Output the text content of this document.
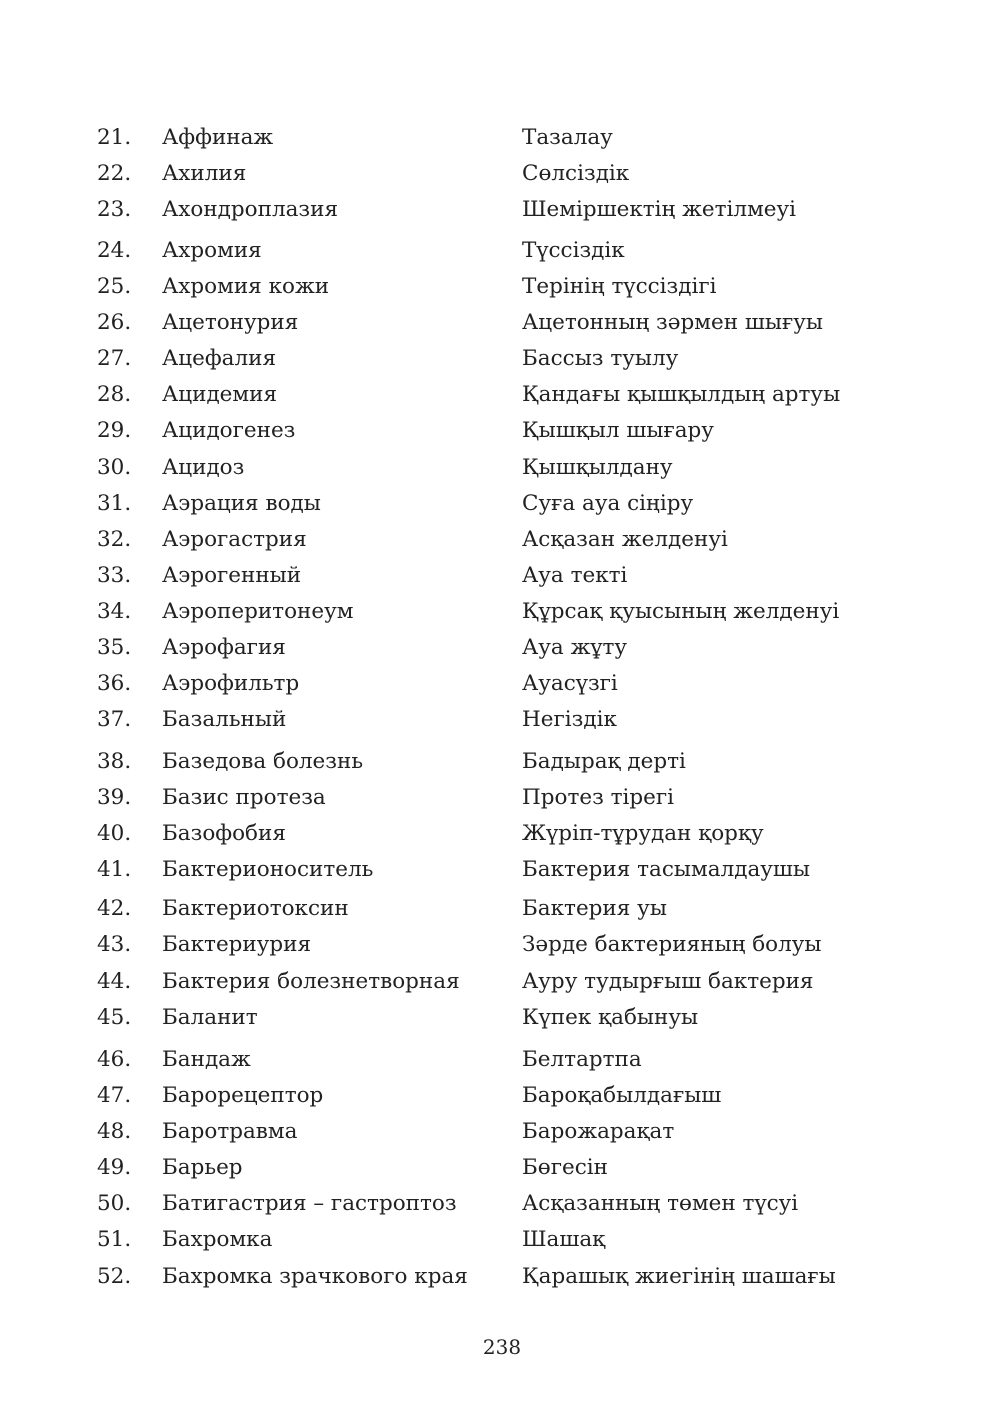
21. Аффинаж	Тазалау
22. Ахилия	Сөлсіздік
23. Ахондроплазия	Шеміршектің жетілмеуі
24. Ахромия	Түссіздік
25. Ахромия кожи	Терінің түссіздігі
26. Ацетонурия	Ацетонның зәрмен шығуы
27. Ацефалия	Бассыз туылу
28. Ацидемия	Қандағы қышқылдың артуы
29. Ацидогенез	Қышқыл шығару
30. Ацидоз	Қышқылдану
31. Аэрация воды	Суға ауа сіңіру
32. Аэрогастрия	Асқазан желденуі
33. Аэрогенный	Ауа текті
34. Аэроперитонеум	Құрсақ қуысының желденуі
35. Аэрофагия	Ауа жұту
36. Аэрофильтр	Ауасүзгі
37. Базальный	Негіздік
38. Базедова болезнь	Бадырақ дерті
39. Базис протеза	Протез тірегі
40. Базофобия	Жүріп-тұрудан қорқу
41. Бактерионоситель	Бактерия тасымалдаушы
42. Бактериотоксин	Бактерия уы
43. Бактериурия	Зәрде бактерияның болуы
44. Бактерия болезнетворная	Ауру тудырғыш бактерия
45. Баланит	Күпек қабынуы
46. Бандаж	Белтартпа
47. Барорецептор	Бароқабылдағыш
48. Баротравма	Барожарақат
49. Барьер	Бөгесін
50. Батигастрия – гастроптоз	Асқазанның төмен түсуі
51. Бахромка	Шашақ
52. Бахромка зрачкового края	Қарашық жиегінің шашағы
238
